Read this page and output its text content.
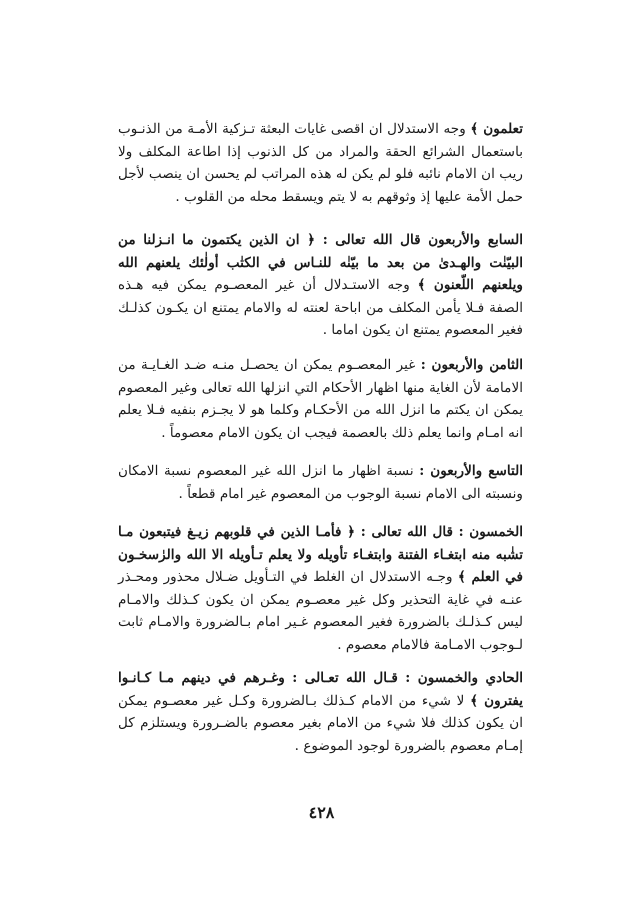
تعلمون ﴾ وجه الاستدلال ان اقصى غايات البعثة تـزكية الأمـة من الذنـوب باستعمال الشرائع الحقة والمراد من كل الذنوب إذا اطاعة المكلف ولا ريب ان الامام نائبه فلو لم يكن له هذه المراتب لم يحسن ان ينصب لأجل حمل الأمة عليها إذ وثوقهم به لا يتم ويسقط محله من القلوب .

السابع والأربعون قال الله تعالى : ﴿ ان الذين يكتمون ما انـزلنا من البيّنٰت والهـدىٰ من بعد ما بيّنٰه للنـاس في الكتٰب أولٰئك يلعنهم الله ويلعنهم اللّعنون ﴾ وجه الاستـدلال أن غير المعصـوم يمكن فيه هـذه الصفة فـلا يأمن المكلف من اباحة لعنته له والامام يمتنع ان يكـون كذلـك فغير المعصوم يمتنع ان يكون اماما .

الثامن والأربعون : غير المعصـوم يمكن ان يحصـل منـه ضـد الغـايـة من الامامة لأن الغاية منها اظهار الأحكام التي انزلها الله تعالى وغير المعصوم يمكن ان يكتم ما انزل الله من الأحكـام وكلما هو لا يجـزم بنفيه فـلا يعلم انه امـام وانما يعلم ذلك بالعصمة فيجب ان يكون الامام معصوماً .

التاسع والأربعون : نسبة اظهار ما انزل الله غير المعصوم نسبة الامكان ونسبته الى الامام نسبة الوجوب من المعصوم غير امام قطعاً .

الخمسون : قال الله تعالى : ﴿ فأمـا الذين في قلوبهم زيـغ فيتبعون مـا تشٰبه منه ابتغـاء الفتنة وابتغـاء تأويله ولا يعلم تـأويله الا الله والرٰسخـون في العلم ﴾ وجـه الاستدلال ان الغلط في التـأويل ضـلال محذور ومحـذر عنـه في غاية التحذير وكل غير معصـوم يمكن ان يكون كـذلك والامـام ليس كـذلـك بالضرورة فغير المعصوم غـير امام بـالضرورة والامـام ثابت لـوجوب الامـامة فالامام معصوم .

الحادي والخمسون : قـال الله تعـالى : وغـرهم في دينهم مـا كـانـوا يفترون ﴾ لا شيء من الامام كـذلك بـالضرورة وكـل غير معصـوم يمكن ان يكون كذلك فلا شيء من الامام بغير معصوم بالضـرورة ويستلزم كل إمـام معصوم بالضرورة لوجود الموضوع .

٤٢٨
